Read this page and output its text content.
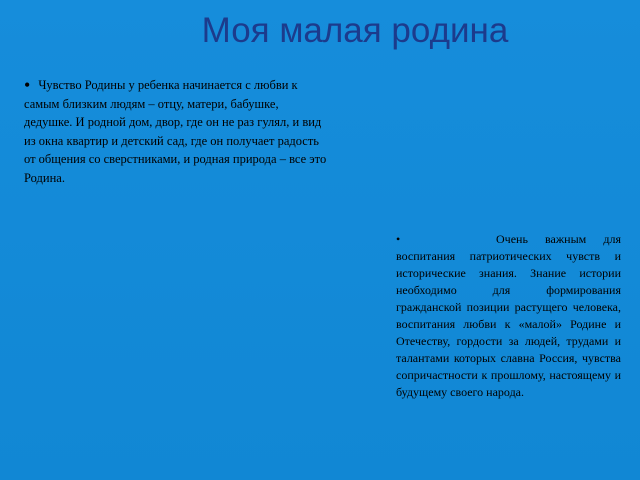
Моя малая родина
• Чувство Родины у ребенка начинается с любви к самым близким людям – отцу, матери, бабушке, дедушке. И родной дом, двор, где он не раз гулял, и вид из окна квартир и детский сад, где он получает радость от общения со сверстниками, и родная природа – все это Родина.
•	Очень важным для воспитания патриотических чувств и исторические знания. Знание истории необходимо для формирования гражданской позиции растущего человека, воспитания любви к «малой» Родине и Отечеству, гордости за людей, трудами и талантами которых славна Россия, чувства сопричастности к прошлому, настоящему и будущему своего народа.
